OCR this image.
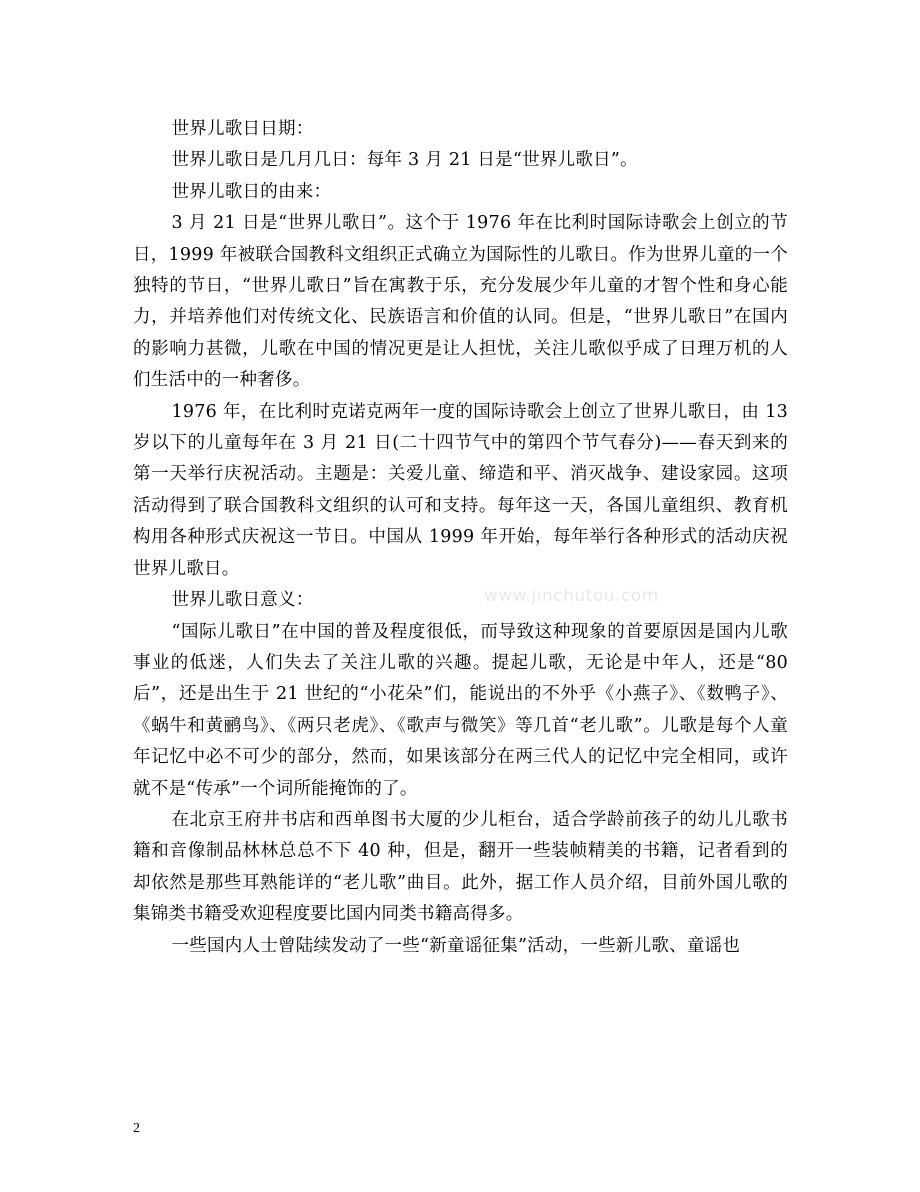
世界儿歌日日期：

世界儿歌日是几月几日：每年 3 月 21 日是“世界儿歌日”。

世界儿歌日的由来：

3 月 21 日是“世界儿歌日”。这个于 1976 年在比利时国际诗歌会上创立的节日，1999 年被联合国教科文组织正式确立为国际性的儿歌日。作为世界儿童的一个独特的节日，“世界儿歌日”旨在寓教于乐，充分发展少年儿童的才智个性和身心能力，并培养他们对传统文化、民族语言和价值的认同。但是，“世界儿歌日”在国内的影响力甚微，儿歌在中国的情况更是让人担忧，关注儿歌似乎成了日理万机的人们生活中的一种奢侈。

1976 年，在比利时克诺克两年一度的国际诗歌会上创立了世界儿歌日，由 13 岁以下的儿童每年在 3 月 21 日(二十四节气中的第四个节气春分)——春天到来的第一天举行庆祝活动。主题是：关爱儿童、缔造和平、消灭战争、建设家园。这项活动得到了联合国教科文组织的认可和支持。每年这一天，各国儿童组织、教育机构用各种形式庆祝这一节日。中国从 1999 年开始，每年举行各种形式的活动庆祝世界儿歌日。

世界儿歌日意义：

“国际儿歌日”在中国的普及程度很低，而导致这种现象的首要原因是国内儿歌事业的低迷，人们失去了关注儿歌的兴趣。提起儿歌，无论是中年人，还是“80 后”，还是出生于 21 世纪的“小花朵”们，能说出的不外乎《小燕子》、《数鸭子》、《蜗牛和黄鹂鸟》、《两只老虎》、《歌声与微笑》等几首“老儿歌”。儿歌是每个人童年记忆中必不可少的部分，然而，如果该部分在两三代人的记忆中完全相同，或许就不是“传承”一个词所能掩饰的了。

在北京王府井书店和西单图书大厦的少儿柜台，适合学龄前孩子的幼儿儿歌书籍和音像制品林林总总不下 40 种，但是，翻开一些装帧精美的书籍，记者看到的却依然是那些耳熟能详的“老儿歌”曲目。此外，据工作人员介绍，目前外国儿歌的集锦类书籍受欢迎程度要比国内同类书籍高得多。

一些国内人士曾陆续发动了一些“新童谣征集”活动，一些新儿歌、童谣也

www.jinchutou.com
2
